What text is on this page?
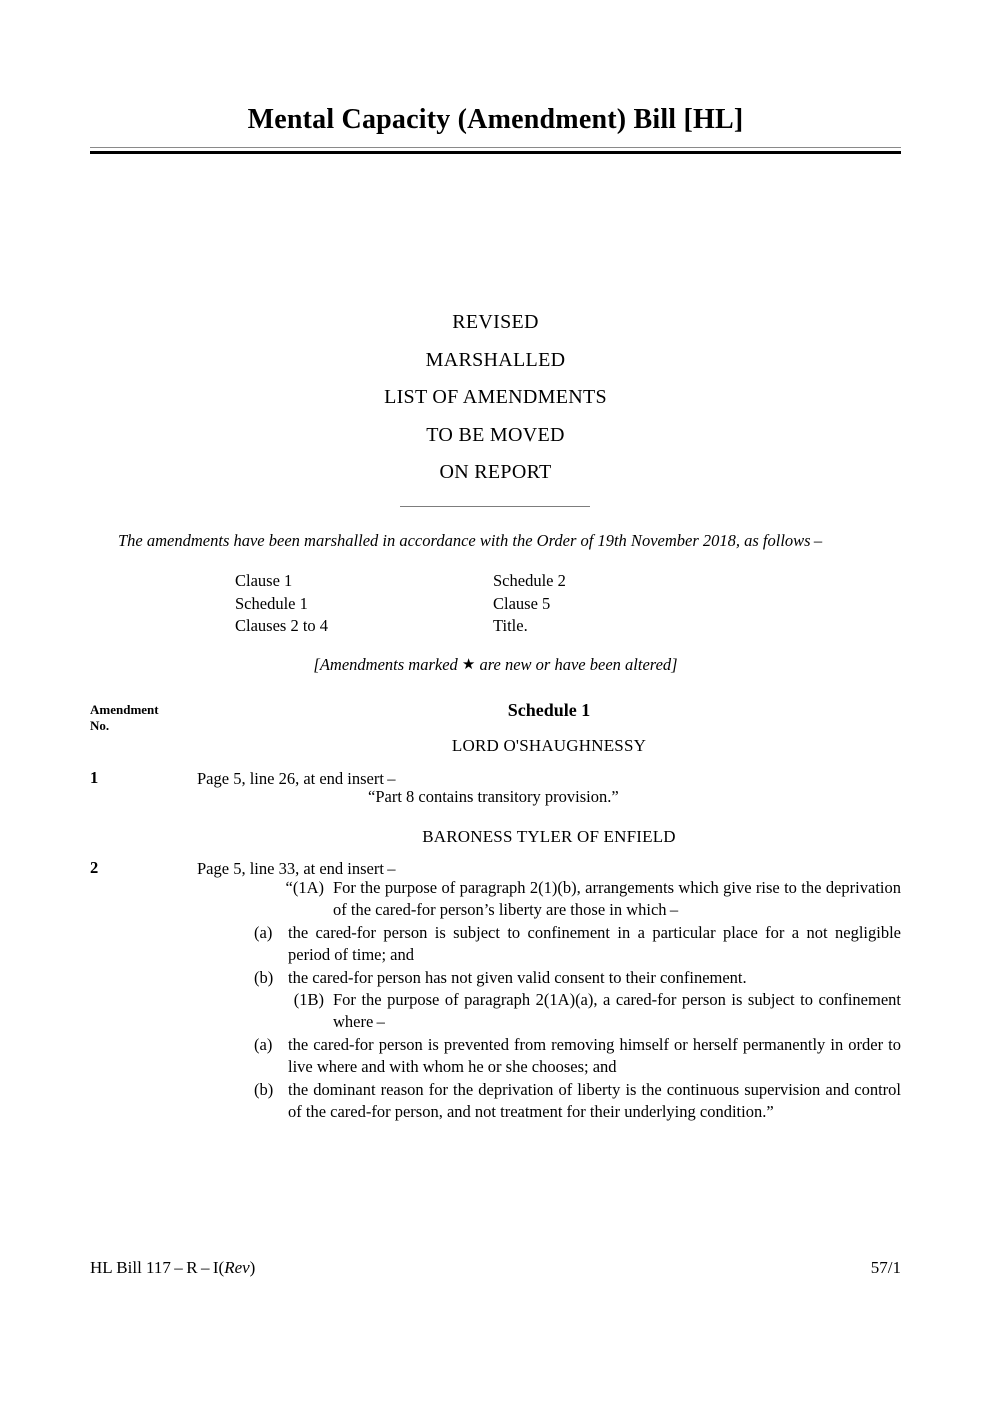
Mental Capacity (Amendment) Bill [HL]
REVISED
MARSHALLED
LIST OF AMENDMENTS
TO BE MOVED
ON REPORT
The amendments have been marshalled in accordance with the Order of 19th November 2018, as follows –
Clause 1	Schedule 2
Schedule 1	Clause 5
Clauses 2 to 4	Title.
[Amendments marked ★ are new or have been altered]
Amendment
No.
Schedule 1
LORD O'SHAUGHNESSY
1	Page 5, line 26, at end insert –
“Part 8 contains transitory provision.”
BARONESS TYLER OF ENFIELD
2	Page 5, line 33, at end insert –
“(1A) For the purpose of paragraph 2(1)(b), arrangements which give rise to the deprivation of the cared-for person’s liberty are those in which –
(a) the cared-for person is subject to confinement in a particular place for a not negligible period of time; and
(b) the cared-for person has not given valid consent to their confinement.
(1B) For the purpose of paragraph 2(1A)(a), a cared-for person is subject to confinement where –
(a) the cared-for person is prevented from removing himself or herself permanently in order to live where and with whom he or she chooses; and
(b) the dominant reason for the deprivation of liberty is the continuous supervision and control of the cared-for person, and not treatment for their underlying condition.”
HL Bill 117 – R – I(Rev)	57/1
